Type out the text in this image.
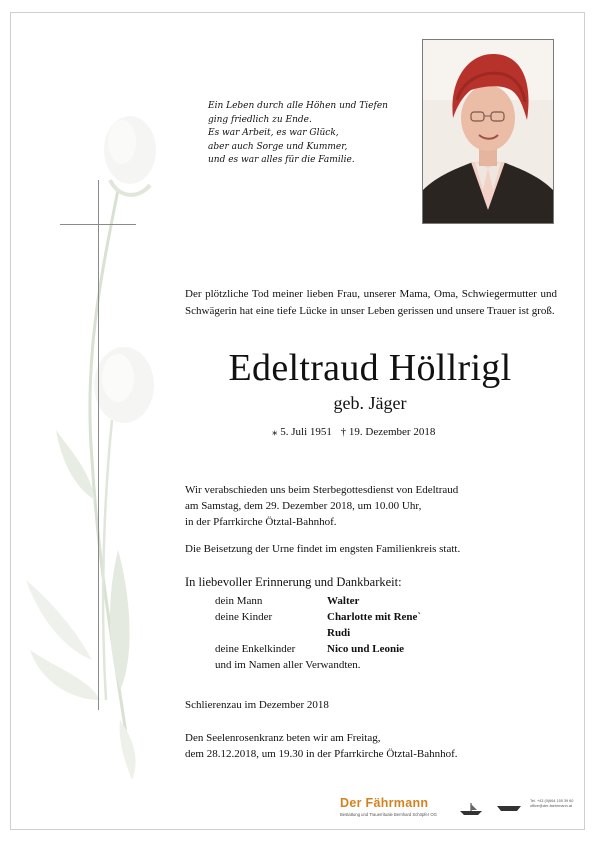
Ein Leben durch alle Höhen und Tiefen

ging friedlich zu Ende.

Es war Arbeit, es war Glück,

aber auch Sorge und Kummer,

und es war alles für die Familie.

Der plötzliche Tod meiner lieben Frau, unserer Mama, Oma, Schwiegermutter und Schwägerin hat eine tiefe Lücke in unser Leben gerissen und unsere Trauer ist groß.

Edeltraud Höllrigl
geb. Jäger
⁎ 5. Juli 1951 † 19. Dezember 2018

Wir verabschieden uns beim Sterbegottesdienst von Edeltraud

am Samstag, dem 29. Dezember 2018, um 10.00 Uhr,

in der Pfarrkirche Ötztal-Bahnhof.

Die Beisetzung der Urne findet im engsten Familienkreis statt.

In liebevoller Erinnerung und Dankbarkeit:
dein Mann	Walter
deine Kinder	Charlotte mit Rene`
Rudi
deine Enkelkinder	Nico und Leonie
und im Namen aller Verwandten.

Schlierenzau im Dezember 2018

Den Seelenrosenkranz beten wir am Freitag,

dem 28.12.2018, um 19.30 in der Pfarrkirche Ötztal-Bahnhof.

Der Fährmann
Bestattung und Trauerrituale Bernhard Schöpfer OG
Tel. +43 (0)664 155 39 60
office@der-faehrmann.at
